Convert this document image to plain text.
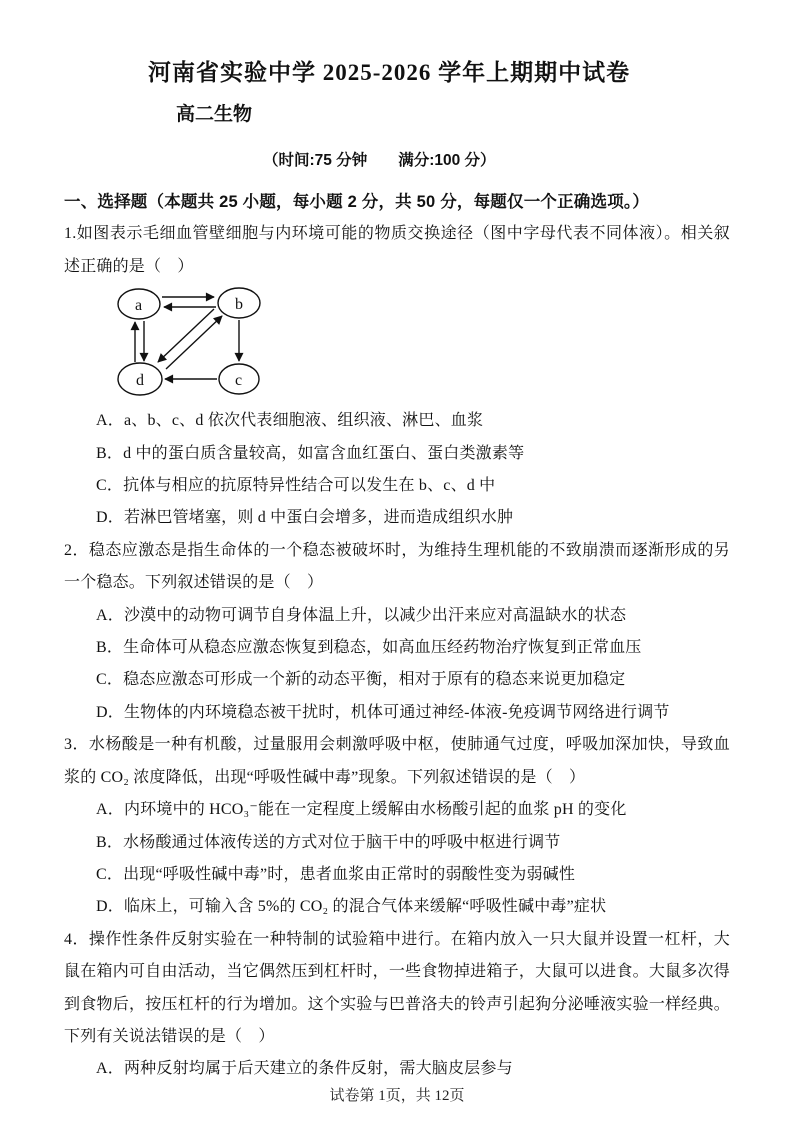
河南省实验中学 2025-2026 学年上期期中试卷
高二生物
（时间:75 分钟　　满分:100 分）

一、选择题（本题共 25 小题，每小题 2 分，共 50 分，每题仅一个正确选项。）

1.如图表示毛细血管壁细胞与内环境可能的物质交换途径（图中字母代表不同体液）。相关叙述正确的是（　）

a	b
d	c

A．a、b、c、d 依次代表细胞液、组织液、淋巴、血浆

B．d 中的蛋白质含量较高，如富含血红蛋白、蛋白类激素等

C．抗体与相应的抗原特异性结合可以发生在 b、c、d 中

D．若淋巴管堵塞，则 d 中蛋白会增多，进而造成组织水肿

2．稳态应激态是指生命体的一个稳态被破坏时，为维持生理机能的不致崩溃而逐渐形成的另一个稳态。下列叙述错误的是（　）

A．沙漠中的动物可调节自身体温上升，以减少出汗来应对高温缺水的状态

B．生命体可从稳态应激态恢复到稳态，如高血压经药物治疗恢复到正常血压

C．稳态应激态可形成一个新的动态平衡，相对于原有的稳态来说更加稳定

D．生物体的内环境稳态被干扰时，机体可通过神经-体液-免疫调节网络进行调节

3．水杨酸是一种有机酸，过量服用会刺激呼吸中枢，使肺通气过度，呼吸加深加快，导致血浆的 CO₂ 浓度降低，出现“呼吸性碱中毒”现象。下列叙述错误的是（　）

A．内环境中的 HCO₃⁻能在一定程度上缓解由水杨酸引起的血浆 pH 的变化

B．水杨酸通过体液传送的方式对位于脑干中的呼吸中枢进行调节

C．出现“呼吸性碱中毒”时，患者血浆由正常时的弱酸性变为弱碱性

D．临床上，可输入含 5%的 CO₂ 的混合气体来缓解“呼吸性碱中毒”症状

4．操作性条件反射实验在一种特制的试验箱中进行。在箱内放入一只大鼠并设置一杠杆，大鼠在箱内可自由活动，当它偶然压到杠杆时，一些食物掉进箱子，大鼠可以进食。大鼠多次得到食物后，按压杠杆的行为增加。这个实验与巴普洛夫的铃声引起狗分泌唾液实验一样经典。下列有关说法错误的是（　）

A．两种反射均属于后天建立的条件反射，需大脑皮层参与

试卷第 1页，共 12页
